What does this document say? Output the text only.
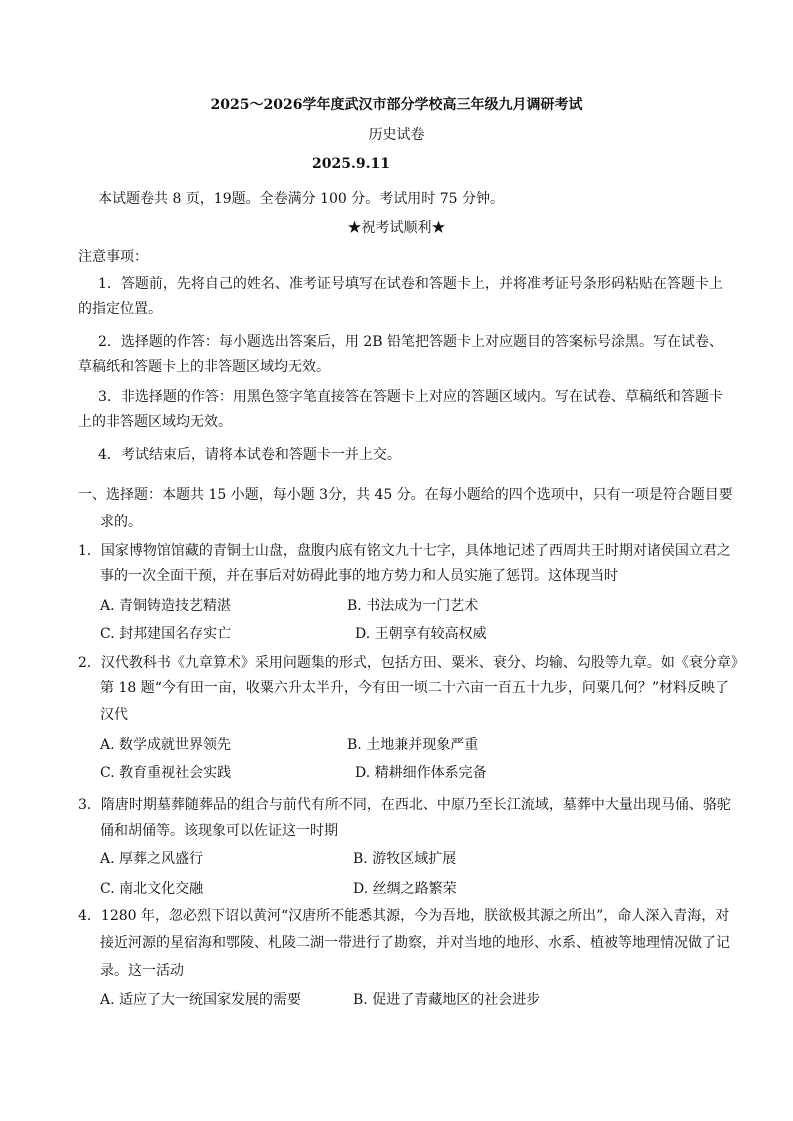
2025～2026学年度武汉市部分学校高三年级九月调研考试
历史试卷
2025.9.11
本试题卷共 8 页，19题。全卷满分 100 分。考试用时 75 分钟。
★祝考试顺利★
注意事项：
1．答题前，先将自己的姓名、准考证号填写在试卷和答题卡上，并将准考证号条形码粘贴在答题卡上
的指定位置。
2．选择题的作答：每小题选出答案后，用 2B 铅笔把答题卡上对应题目的答案标号涂黑。写在试卷、
草稿纸和答题卡上的非答题区域均无效。
3．非选择题的作答：用黑色签字笔直接答在答题卡上对应的答题区域内。写在试卷、草稿纸和答题卡
上的非答题区域均无效。
4．考试结束后，请将本试卷和答题卡一并上交。
一、选择题：本题共 15 小题，每小题 3分，共 45 分。在每小题给的四个选项中，只有一项是符合题目要
求的。
1．国家博物馆馆藏的青铜士山盘，盘腹内底有铭文九十七字，具体地记述了西周共王时期对诸侯国立君之
事的一次全面干预，并在事后对妨碍此事的地方势力和人员实施了惩罚。这体现当时
A. 青铜铸造技艺精湛	B. 书法成为一门艺术
C. 封邦建国名存实亡	D. 王朝享有较高权威
2．汉代教科书《九章算术》采用问题集的形式，包括方田、粟米、衰分、均输、勾股等九章。如《衰分章》
第 18 题“今有田一亩，收粟六升太半升，今有田一顷二十六亩一百五十九步，问粟几何？”材料反映了
汉代
A. 数学成就世界领先	B. 土地兼并现象严重
C. 教育重视社会实践	D. 精耕细作体系完备
3．隋唐时期墓葬随葬品的组合与前代有所不同，在西北、中原乃至长江流域，墓葬中大量出现马俑、骆驼
俑和胡俑等。该现象可以佐证这一时期
A. 厚葬之风盛行	B. 游牧区域扩展
C. 南北文化交融	D. 丝绸之路繁荣
4．1280 年，忽必烈下诏以黄河“汉唐所不能悉其源，今为吾地，朕欲极其源之所出”，命人深入青海，对
接近河源的星宿海和鄂陵、札陵二湖一带进行了勘察，并对当地的地形、水系、植被等地理情况做了记
录。这一活动
A. 适应了大一统国家发展的需要	B. 促进了青藏地区的社会进步
